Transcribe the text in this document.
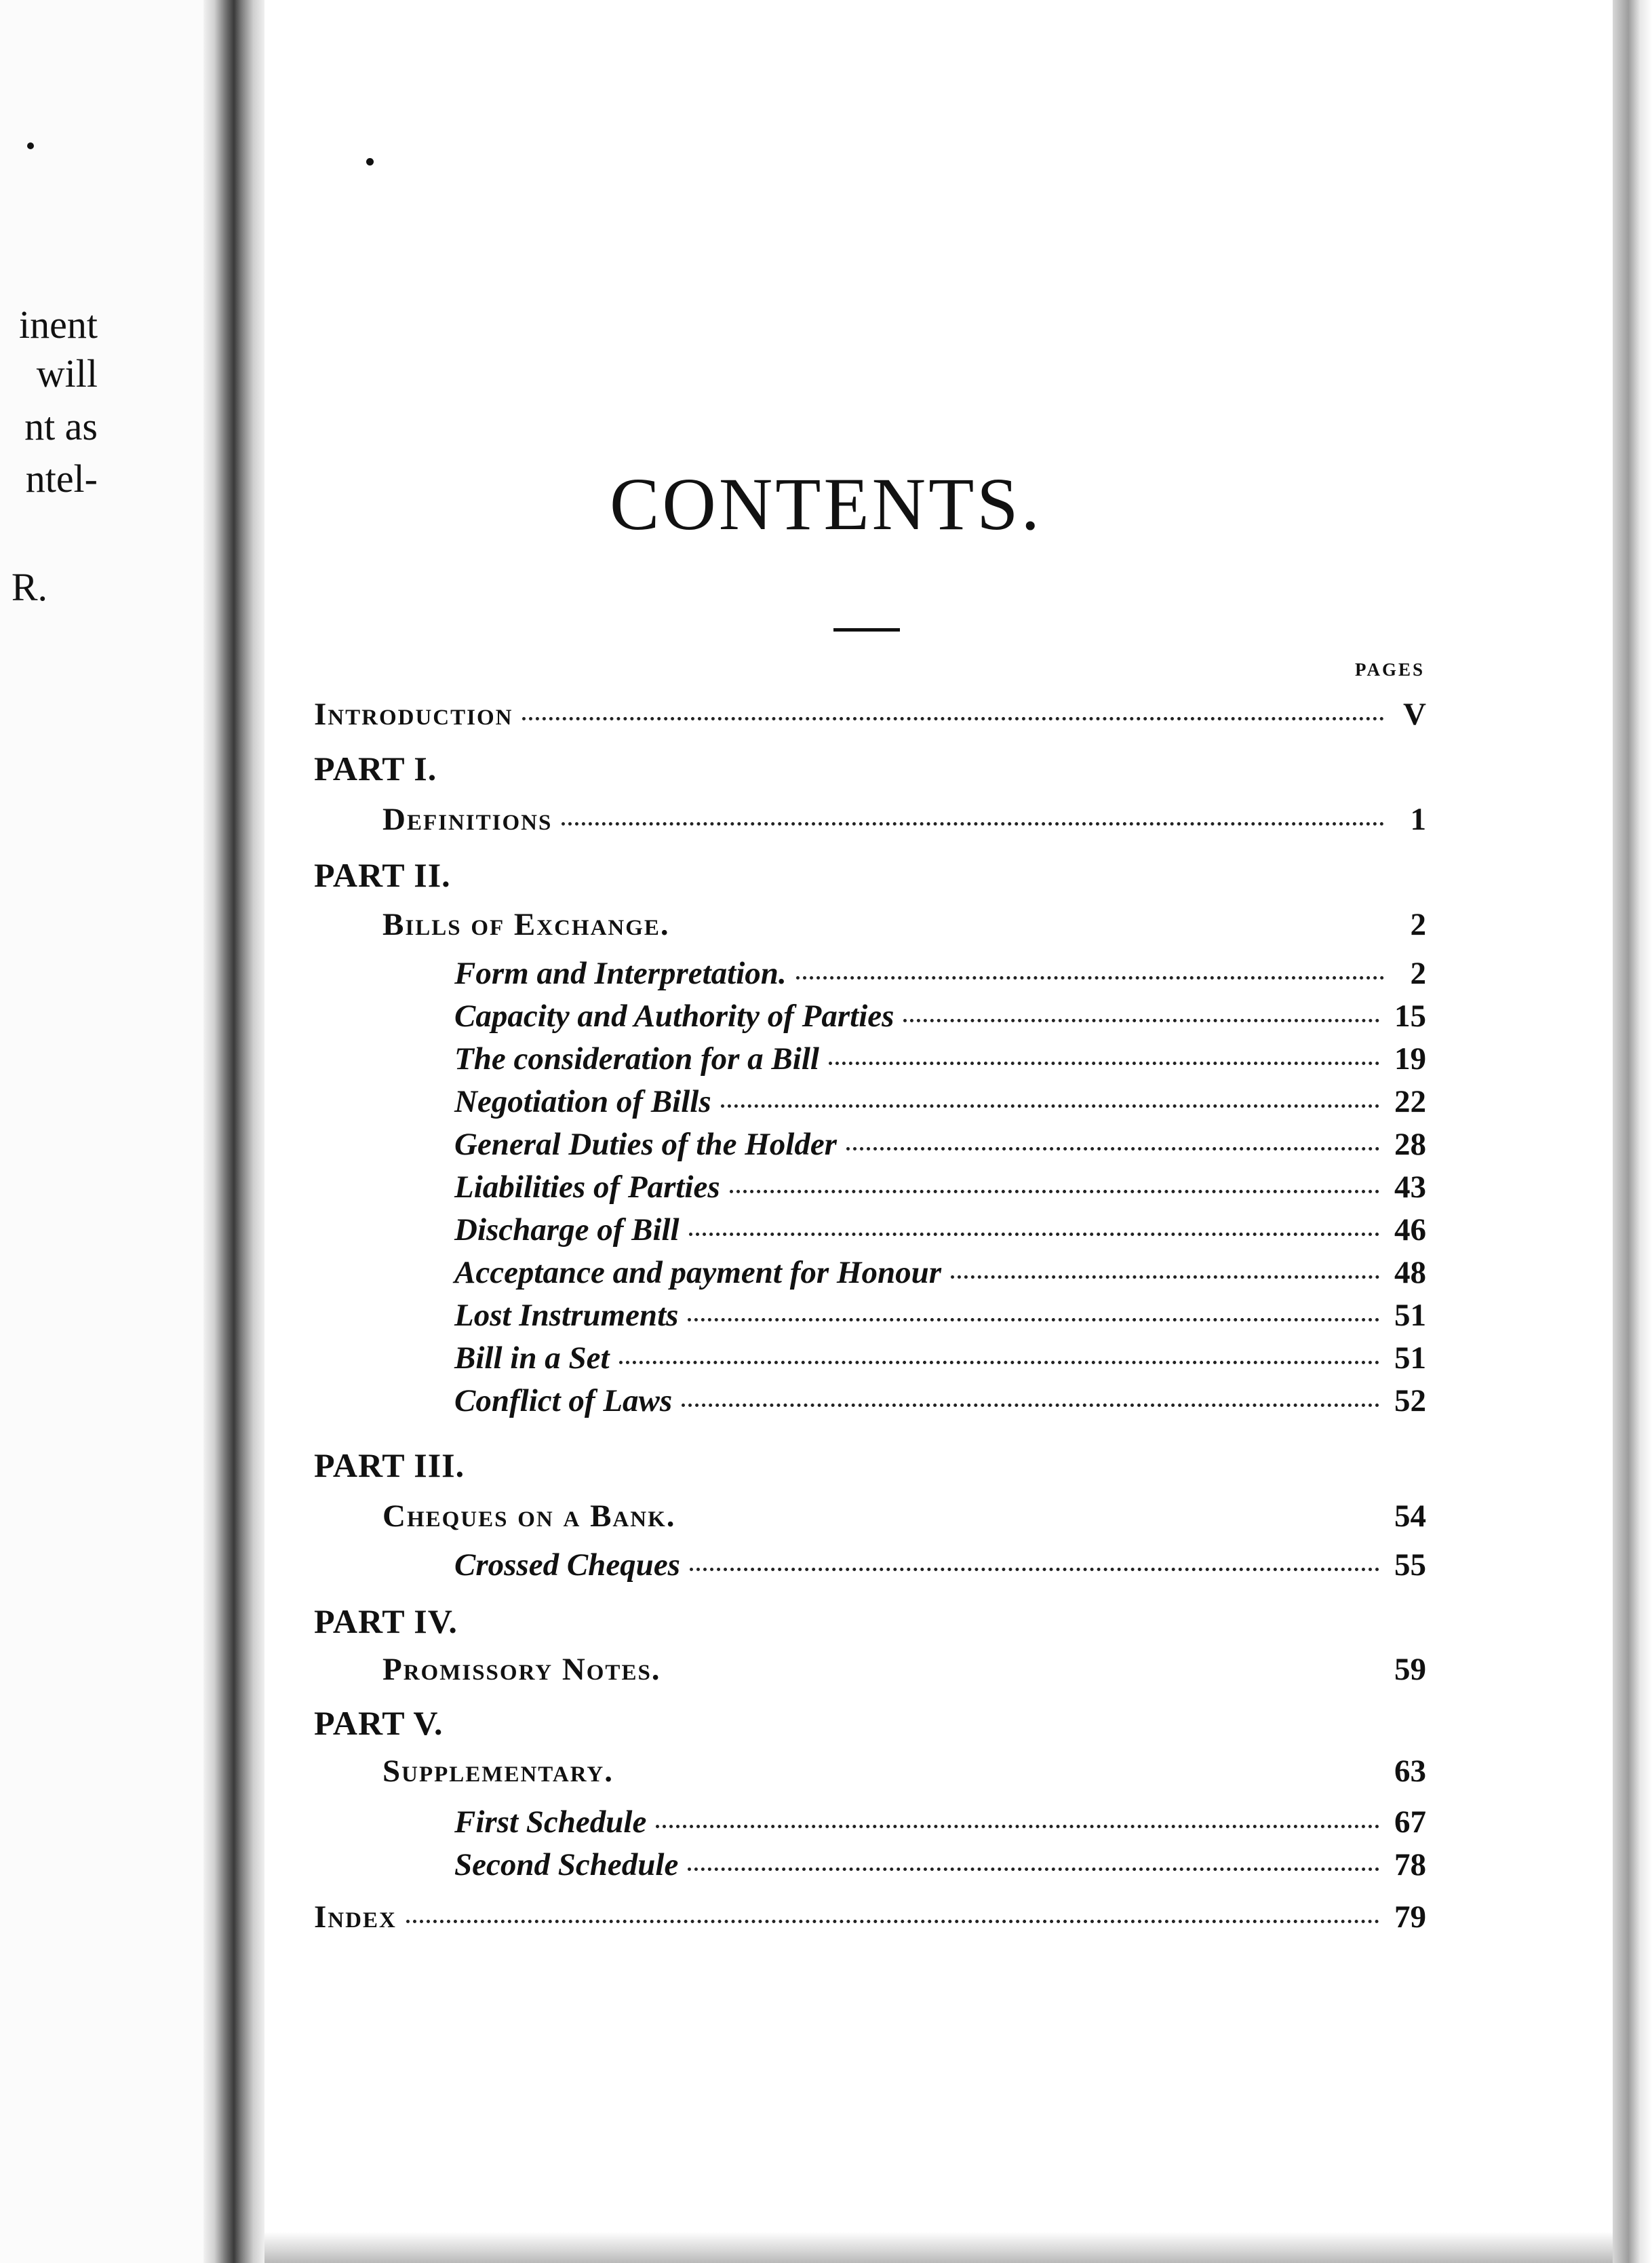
inent
will
nt as
ntel-
R.
CONTENTS.
PAGES
Introduction	V
PART I.
Definitions	1
PART II.
Bills of Exchange.	2
Form and Interpretation.	2
Capacity and Authority of Parties	15
The consideration for a Bill	19
Negotiation of Bills	22
General Duties of the Holder	28
Liabilities of Parties	43
Discharge of Bill	46
Acceptance and payment for Honour	48
Lost Instruments	51
Bill in a Set	51
Conflict of Laws	52
PART III.
Cheques on a Bank.	54
Crossed Cheques	55
PART IV.
Promissory Notes.	59
PART V.
Supplementary.	63
First Schedule	67
Second Schedule	78
Index	79
